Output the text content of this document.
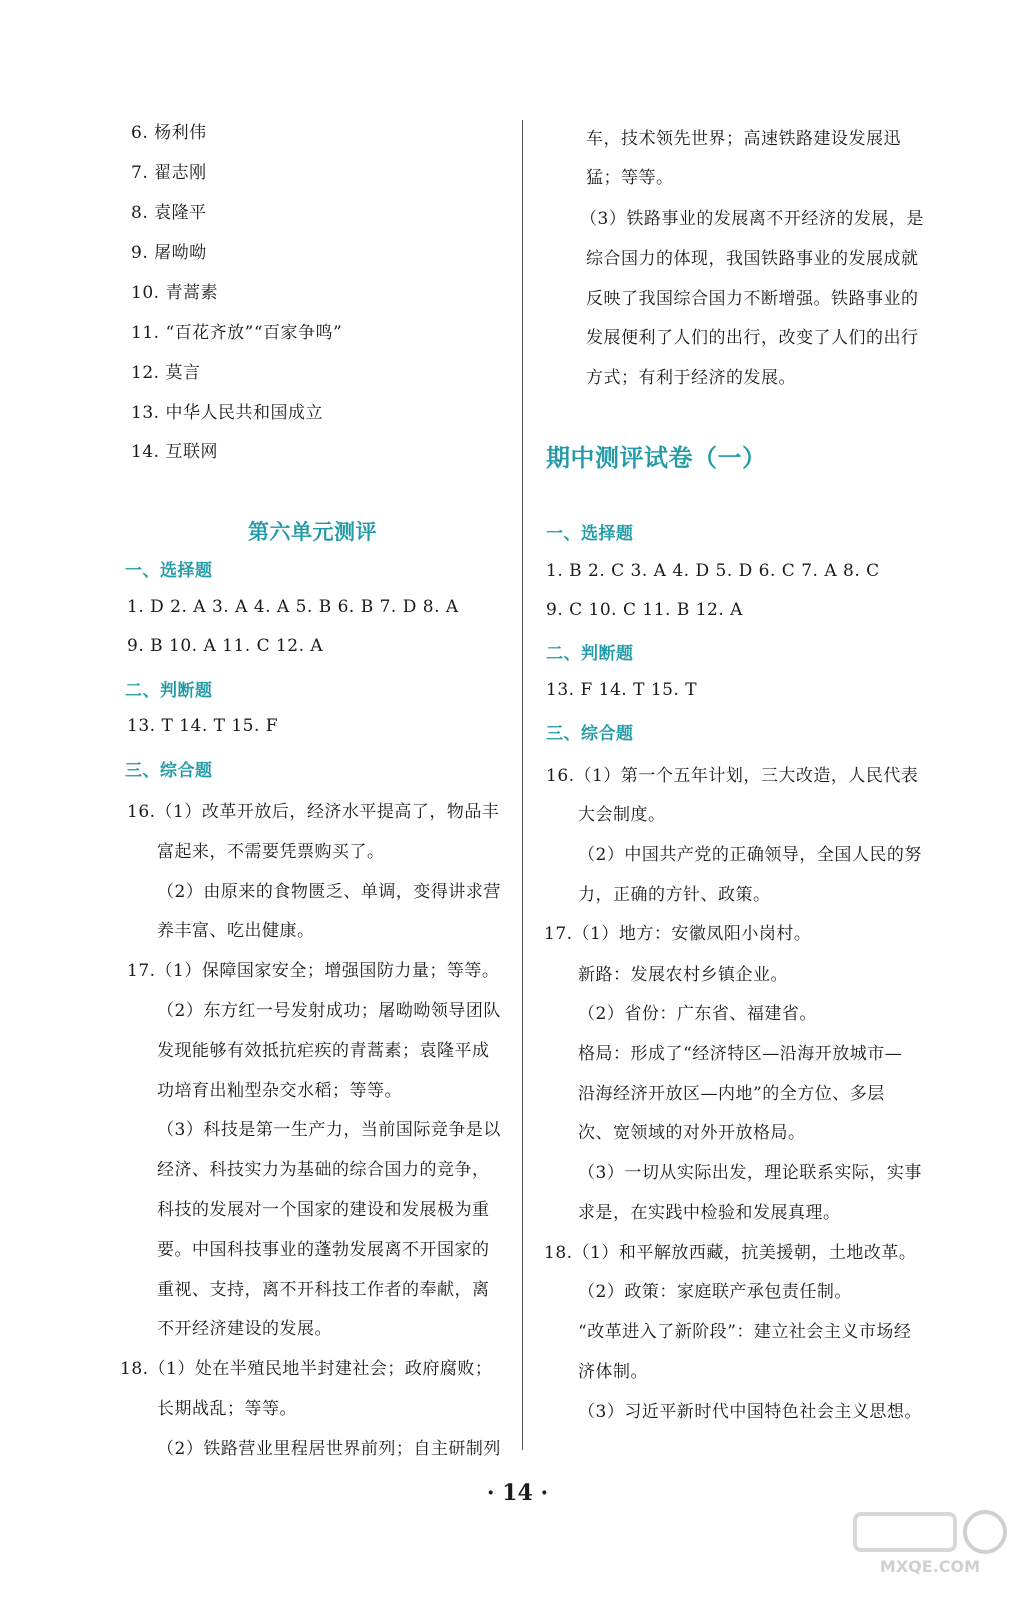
6. 杨利伟
7. 翟志刚
8. 袁隆平
9. 屠呦呦
10. 青蒿素
11. “百花齐放”“百家争鸣”
12. 莫言
13. 中华人民共和国成立
14. 互联网
第六单元测评
一、选择题
1. D 2. A 3. A 4. A 5. B 6. B 7. D 8. A
9. B 10. A 11. C 12. A
二、判断题
13. T 14. T 15. F
三、综合题
16.（1）改革开放后，经济水平提高了，物品丰
富起来，不需要凭票购买了。
（2）由原来的食物匮乏、单调，变得讲求营
养丰富、吃出健康。
17.（1）保障国家安全；增强国防力量；等等。
（2）东方红一号发射成功；屠呦呦领导团队
发现能够有效抵抗疟疾的青蒿素；袁隆平成
功培育出籼型杂交水稻；等等。
（3）科技是第一生产力，当前国际竞争是以
经济、科技实力为基础的综合国力的竞争，
科技的发展对一个国家的建设和发展极为重
要。中国科技事业的蓬勃发展离不开国家的
重视、支持，离不开科技工作者的奉献，离
不开经济建设的发展。
18.（1）处在半殖民地半封建社会；政府腐败；
长期战乱；等等。
（2）铁路营业里程居世界前列；自主研制列
车，技术领先世界；高速铁路建设发展迅
猛；等等。
（3）铁路事业的发展离不开经济的发展，是
综合国力的体现，我国铁路事业的发展成就
反映了我国综合国力不断增强。铁路事业的
发展便利了人们的出行，改变了人们的出行
方式；有利于经济的发展。
期中测评试卷（一）
一、选择题
1. B 2. C 3. A 4. D 5. D 6. C 7. A 8. C
9. C 10. C 11. B 12. A
二、判断题
13. F 14. T 15. T
三、综合题
16.（1）第一个五年计划，三大改造，人民代表
大会制度。
（2）中国共产党的正确领导，全国人民的努
力，正确的方针、政策。
17.（1）地方：安徽凤阳小岗村。
新路：发展农村乡镇企业。
（2）省份：广东省、福建省。
格局：形成了“经济特区—沿海开放城市—
沿海经济开放区—内地”的全方位、多层
次、宽领域的对外开放格局。
（3）一切从实际出发，理论联系实际，实事
求是，在实践中检验和发展真理。
18.（1）和平解放西藏，抗美援朝，土地改革。
（2）政策：家庭联产承包责任制。
“改革进入了新阶段”：建立社会主义市场经
济体制。
（3）习近平新时代中国特色社会主义思想。
· 14 ·
MXQE.COM
